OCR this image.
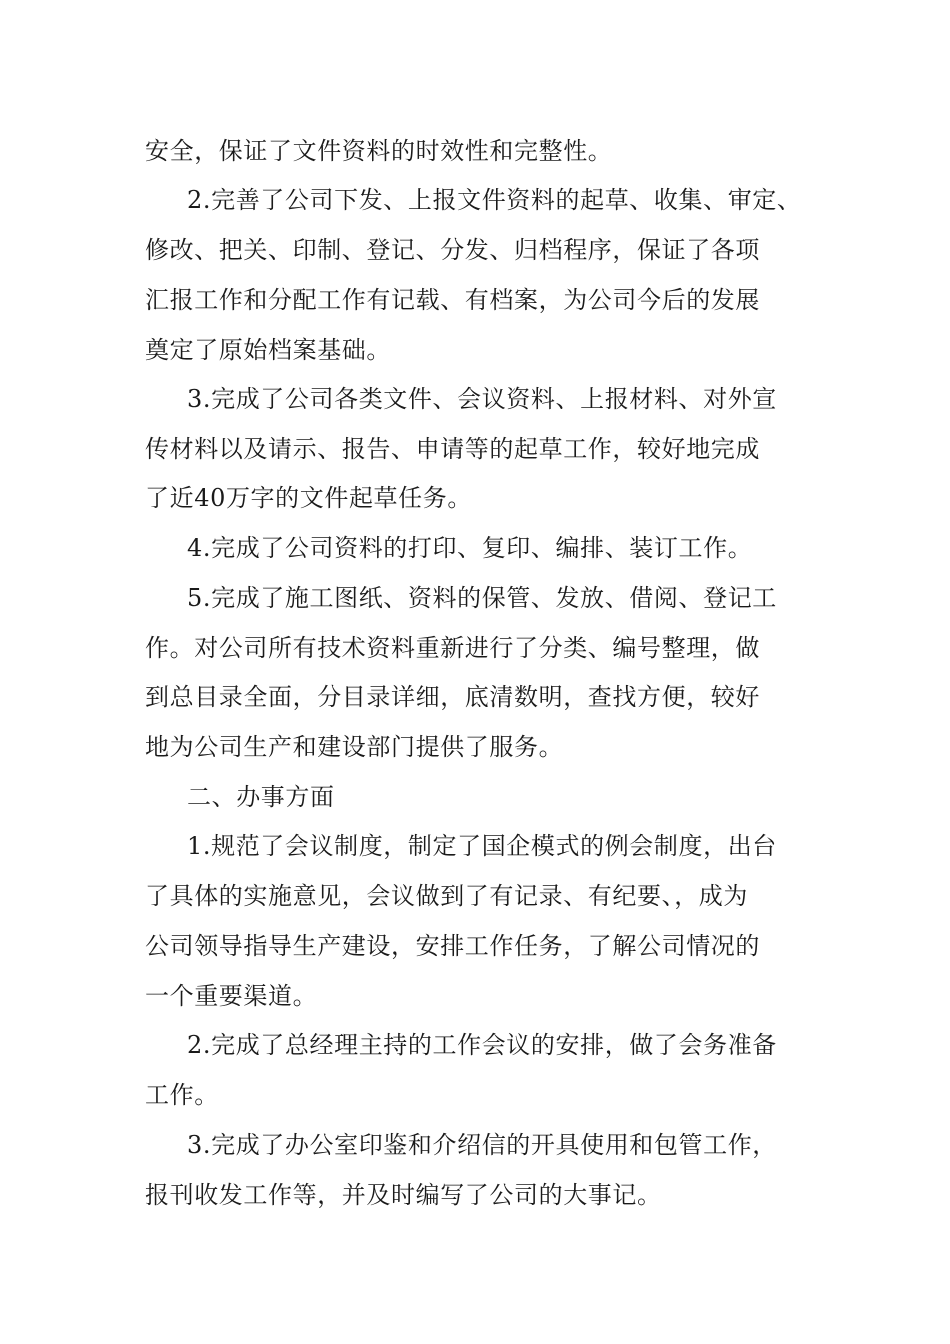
安全，保证了文件资料的时效性和完整性。
2.完善了公司下发、上报文件资料的起草、收集、审定、
修改、把关、印制、登记、分发、归档程序，保证了各项
汇报工作和分配工作有记载、有档案，为公司今后的发展
奠定了原始档案基础。
3.完成了公司各类文件、会议资料、上报材料、对外宣
传材料以及请示、报告、申请等的起草工作，较好地完成
了近40万字的文件起草任务。
4.完成了公司资料的打印、复印、编排、装订工作。
5.完成了施工图纸、资料的保管、发放、借阅、登记工
作。对公司所有技术资料重新进行了分类、编号整理，做
到总目录全面，分目录详细，底清数明，查找方便，较好
地为公司生产和建设部门提供了服务。
二、办事方面
1.规范了会议制度，制定了国企模式的例会制度，出台
了具体的实施意见，会议做到了有记录、有纪要、，成为
公司领导指导生产建设，安排工作任务，了解公司情况的
一个重要渠道。
2.完成了总经理主持的工作会议的安排，做了会务准备
工作。
3.完成了办公室印鉴和介绍信的开具使用和包管工作，
报刊收发工作等，并及时编写了公司的大事记。
